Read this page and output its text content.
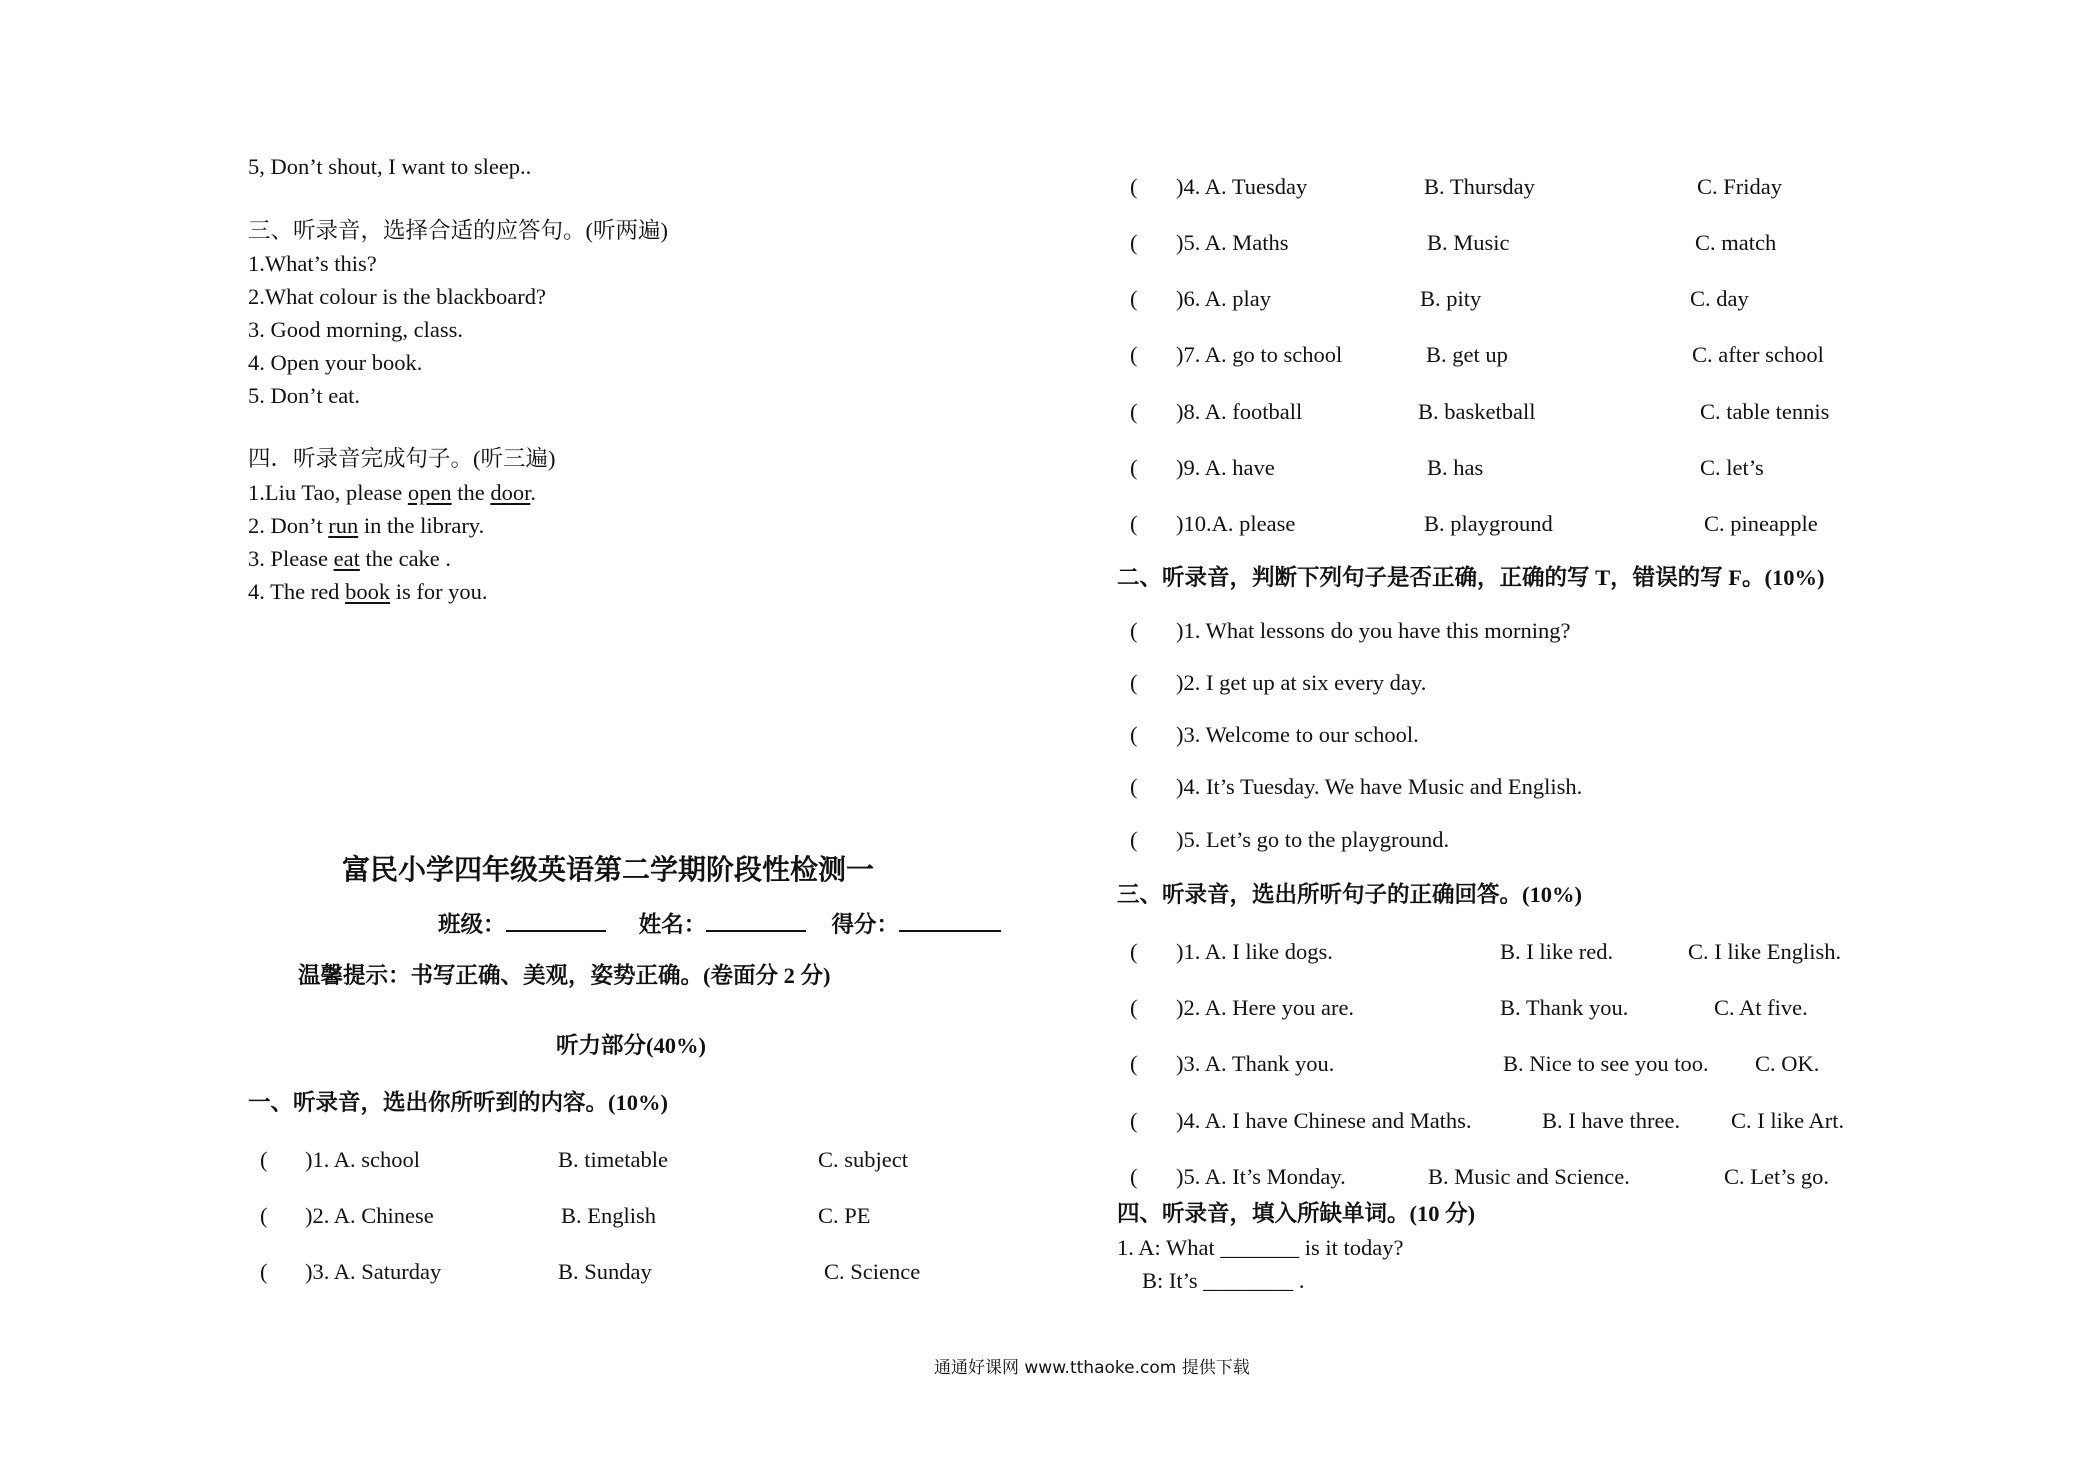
5, Don’t shout, I want to sleep..
三、听录音，选择合适的应答句。(听两遍)
1.What’s this?
2.What colour is the blackboard?
3. Good morning, class.
4. Open your book.
5. Don’t eat.
四．听录音完成句子。(听三遍)
1.Liu Tao, please open the door.
2. Don’t run in the library.
3. Please eat the cake .
4. The red book is for you.
富民小学四年级英语第二学期阶段性检测一
班级：	姓名：	得分：
温馨提示：书写正确、美观，姿势正确。(卷面分 2 分)
听力部分(40%)
一、听录音，选出你所听到的内容。(10%)
( )1. A. school	B. timetable	C. subject
( )2. A. Chinese	B. English	C. PE
( )3. A. Saturday	B. Sunday	C. Science
( )4. A. Tuesday	B. Thursday	C. Friday
( )5. A. Maths	B. Music	C. match
( )6. A. play	B. pity	C. day
( )7. A. go to school	B. get up	C. after school
( )8. A. football	B. basketball	C. table tennis
( )9. A. have	B. has	C. let’s
( )10.A. please	B. playground	C. pineapple
二、听录音，判断下列句子是否正确，正确的写 T，错误的写 F。(10%)
( )1. What lessons do you have this morning?
( )2. I get up at six every day.
( )3. Welcome to our school.
( )4. It’s Tuesday. We have Music and English.
( )5. Let’s go to the playground.
三、听录音，选出所听句子的正确回答。(10%)
( )1. A. I like dogs.	B. I like red.	C. I like English.
( )2. A. Here you are.	B. Thank you.	C. At five.
( )3. A. Thank you.	B. Nice to see you too. C. OK.
( )4. A. I have Chinese and Maths.	B. I have three. C. I like Art.
( )5. A. It’s Monday.	B. Music and Science.	C. Let’s go.
四、听录音，填入所缺单词。(10 分)
1. A: What _______ is it today?
B: It’s ________ .
通通好课网 www.tthaoke.com 提供下载
